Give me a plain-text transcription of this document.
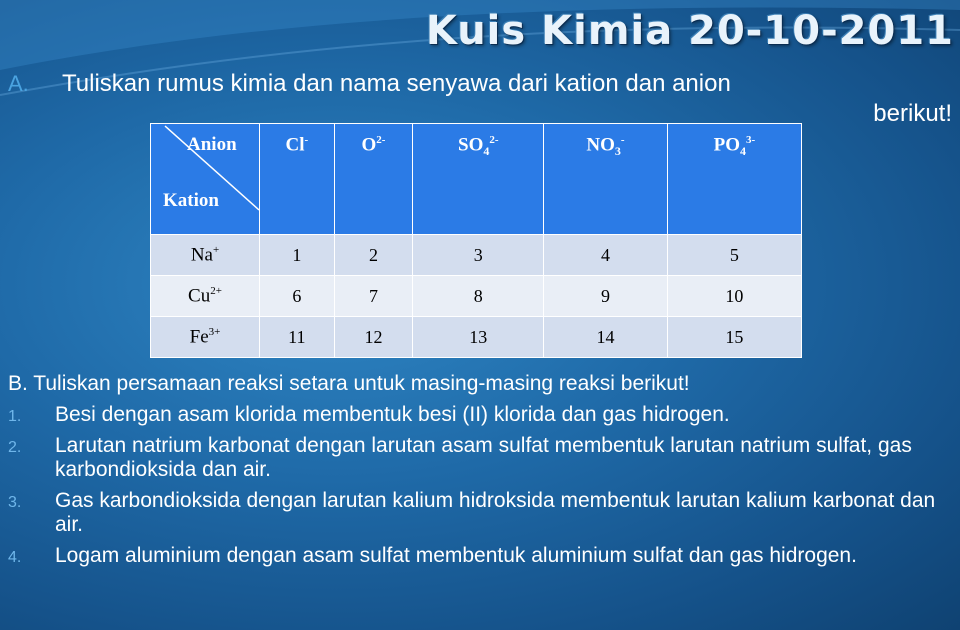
Kuis Kimia 20-10-2011
A. Tuliskan rumus kimia dan nama senyawa dari kation dan anion
berikut!
Anion
Kation	Cl-	$O^{2-}$	$SO_4^{2-}$	$NO_3^-$	$PO_4^{3-}$
Na+	1	2	3	4	5
$Cu^{2+}$	6	7	8	9	10
$Fe^{3+}$	11	12	13	14	15
B. Tuliskan persamaan reaksi setara untuk masing-masing reaksi berikut!
1. Besi dengan asam klorida membentuk besi (II) klorida dan gas hidrogen.
2. Larutan natrium karbonat dengan larutan asam sulfat membentuk larutan natrium sulfat, gas karbondioksida dan air.
3. Gas karbondioksida dengan larutan kalium hidroksida membentuk larutan kalium karbonat dan air.
4. Logam aluminium dengan asam sulfat membentuk aluminium sulfat dan gas hidrogen.
